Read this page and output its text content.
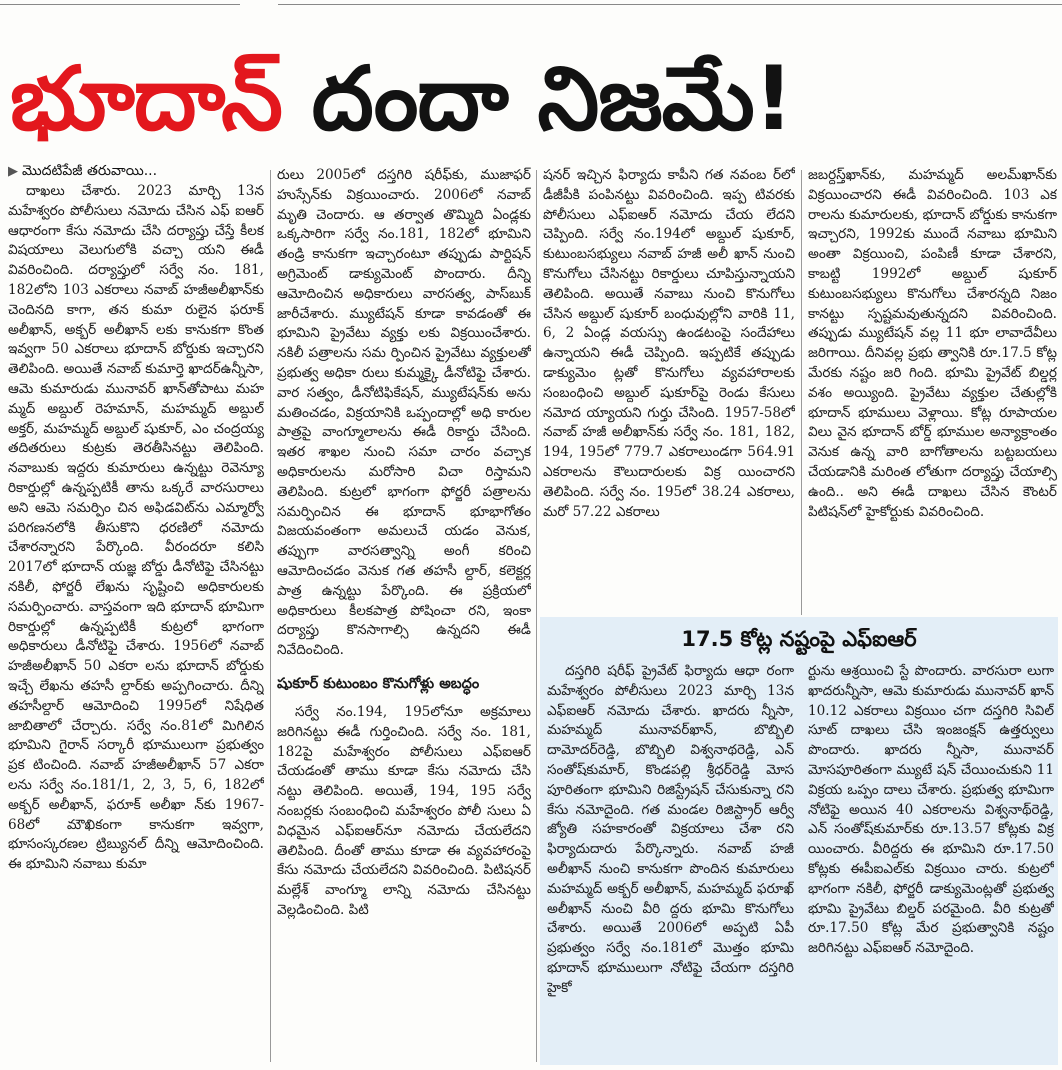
భూదాన్ దందా నిజమే!
▶ మొదటిపేజీ తరువాయి...

దాఖలు చేశారు. 2023 మార్చి 13న మహేశ్వరం పోలీసులు నమోదు చేసిన ఎఫ్ ఐఆర్ ఆధారంగా కేసు నమోదు చేసి దర్యాప్తు చేస్తే కీలక విషయాలు వెలుగులోకి వచ్చా యని ఈడీ వివరించింది. దర్యాప్తులో సర్వే నం. 181, 182లోని 103 ఎకరాలు నవాబ్ హజీఅలీఖాన్‌కు చెందినది కాగా, తన కుమా రులైన ఫరూక్ అలీఖాన్, అక్బర్ అలీఖాన్ లకు కానుకగా కొంత ఇవ్వగా 50 ఎకరాలు భూదాన్ బోర్డుకు ఇచ్చారని తెలిపింది. అయితే నవాబ్ కుమార్తె ఖాదర్‌ఉన్నీసా, ఆమె కుమారుడు మునావర్ ఖాన్‌తోపాటు మహ మ్మద్ అబ్దుల్ రెహమాన్, మహమ్మద్ అబ్దుల్ అక్తర్, మహమ్మద్ అబ్దుల్ షుకూర్, ఎం చంద్రయ్య తదితరులు కుట్రకు తెరతీసినట్టు తెలిపింది. నవాబుకు ఇద్దరు కుమారులు ఉన్నట్టు రెవెన్యూ రికార్డుల్లో ఉన్నప్పటికీ తాను ఒక్కరే వారసురాలు అని ఆమె సమర్పిం చిన అఫిడవిట్‌ను ఎమ్మార్వో పరిగణనలోకి తీసుకొని ధరణిలో నమోదు చేశారన్నారని పేర్కొంది. వీరందరూ కలిసి 2017లో భూదాన్ యజ్ఞ బోర్డు డీనోటిఫై చేసినట్టు నకిలీ, ఫోర్జరీ లేఖను సృష్టించి అధికారులకు సమర్పించారు. వాస్తవంగా ఇది భూదాన్ భూమిగా రికార్డుల్లో ఉన్నప్పటికీ కుట్రలో భాగంగా అధికారులు డీనోటిఫై చేశారు. 1956లో నవాబ్ హజీఅలీఖాన్ 50 ఎకరా లను భూదాన్ బోర్డుకు ఇచ్చే లేఖను తహసీ ల్దార్‌కు అప్పగించారు. దీన్ని తహసీల్దార్ ఆమోదించి 1995లో నిషేధిత జాబితాలో చేర్చారు. సర్వే నం.81లో మిగిలిన భూమిని గైరాన్ సర్కారీ భూములుగా ప్రభుత్వం ప్రక టించింది. నవాబ్ హజీఅలీఖాన్ 57 ఎకరా లను సర్వే నం.181/1, 2, 3, 5, 6, 182లో అక్బర్ అలీఖాన్, ఫరూక్ అలీఖా న్‌కు 1967-68లో మౌఖికంగా కానుకగా ఇవ్వగా, భూసంస్కరణల ట్రిబ్యునల్ దీన్ని ఆమోదించింది. ఈ భూమిని నవాబు కుమా

రులు 2005లో దస్తగిరి షరీఫ్‌కు, ముజాఫర్ హుస్సేన్‌కు విక్రయించారు. 2006లో నవాబ్ మృతి చెందారు. ఆ తర్వాత తొమ్మిది ఏండ్లకు ఒక్కసారిగా సర్వే నం.181, 182లో భూమిని తండ్రి కానుకగా ఇచ్చారంటూ తప్పుడు పార్టిషన్ అగ్రిమెంట్ డాక్యుమెంట్ పొందారు. దీన్ని ఆమోదించిన అధికారులు వారసత్వ, పాస్‌బుక్ జారీచేశారు. మ్యుటేషన్ కూడా కావడంతో ఈ భూమిని ప్రైవేటు వ్యక్తు లకు విక్రయించేశారు. నకిలీ పత్రాలను సమ ర్పించిన ప్రైవేటు వ్యక్తులతో ప్రభుత్వ అధికా రులు కుమ్మక్కై డీనోటిఫై చేశారు. వార సత్వం, డీనోటిఫికేషన్, మ్యుటేషన్‌కు అను మతించడం, విక్రయానికి ఒప్పందాల్లో అధి కారుల పాత్రపై వాంగ్మూలాలను ఈడీ రికార్డు చేసింది. ఇతర శాఖల నుంచి సమా చారం వచ్చాక అధికారులను మరోసారి విచా రిస్తామని తెలిపింది. కుట్రలో భాగంగా ఫోర్జరీ పత్రాలను సమర్పించిన ఈ భూదాన్ భూభాగోతం విజయవంతంగా అమలుచే యడం వెనుక, తప్పుగా వారసత్వాన్ని అంగీ కరించి ఆమోదించడం వెనుక గత తహసీ ల్దార్, కలెక్టర్ల పాత్ర ఉన్నట్టు పేర్కొంది. ఈ ప్రక్రియలో అధికారులు కీలకపాత్ర పోషించా రని, ఇంకా దర్యాప్తు కొనసాగాల్సి ఉన్నదని ఈడీ నివేదించింది.

షుకూర్ కుటుంబం కొనుగోళ్లు అబద్ధం

సర్వే నం.194, 195లోనూ అక్రమాలు జరిగినట్టు ఈడీ గుర్తించింది. సర్వే నం. 181, 182పై మహేశ్వరం పోలీసులు ఎఫ్ఐఆర్ చేయడంతో తాము కూడా కేసు నమోదు చేసి నట్టు తెలిపింది. అయితే, 194, 195 సర్వే నంబర్లకు సంబంధించి మహేశ్వరం పోలీ సులు ఏ విధమైన ఎఫ్ఐఆర్‌నూ నమోదు చేయలేదని తెలిపింది. దీంతో తాము కూడా ఈ వ్యవహారంపై కేసు నమోదు చేయలేదని వివరించింది. పిటిషనర్ మల్లేశ్ వాంగ్మూ లాన్ని నమోదు చేసినట్టు వెల్లడించింది. పిటి

షనర్ ఇచ్చిన ఫిర్యాదు కాపీని గత నవంబ ర్‌లో డీజీపీకి పంపినట్టు వివరించింది. ఇప్ప టివరకు పోలీసులు ఎఫ్ఐఆర్ నమోదు చేయ లేదని చెప్పింది. సర్వే నం.194లో అబ్దుల్ షుకూర్, కుటుంబసభ్యులు నవాబ్ హజీ అలీ ఖాన్ నుంచి కొనుగోలు చేసినట్టు రికార్డులు చూపిస్తున్నాయని తెలిపింది. అయితే నవాబు నుంచి కొనుగోలు చేసిన అబ్దుల్ షుకూర్ బంధువుల్లోని వారికి 11, 6, 2 ఏండ్ల వయస్సు ఉండటంపై సందేహాలు ఉన్నాయని ఈడీ చెప్పింది. ఇప్పటికే తప్పుడు డాక్యుమెం ట్లతో కొనుగోలు వ్యవహారాలకు సంబంధించి అబ్దుల్ షుకూర్‌పై రెండు కేసులు నమోద య్యాయని గుర్తు చేసింది. 1957-58లో నవాబ్ హజీ అలీఖాన్‌కు సర్వే నం. 181, 182, 194, 195లో 779.7 ఎకరాలుండగా 564.91 ఎకరాలను కౌలుదారులకు విక్ర యించారని తెలిపింది. సర్వే నం. 195లో 38.24 ఎకరాలు, మరో 57.22 ఎకరాలు

జబర్దస్త్‌ఖాన్‌కు, మహమ్మద్ అలమ్‌ఖాన్‌కు విక్రయించారని ఈడీ వివరించింది. 103 ఎక రాలను కుమారులకు, భూదాన్ బోర్డుకు కానుకగా ఇచ్చారని, 1992కు ముందే నవాబు భూమిని అంతా విక్రయించి, పంపిణీ కూడా చేశారని, కాబట్టి 1992లో అబ్దుల్ షుకూర్ కుటుంబసభ్యులు కొనుగోలు చేశారన్నది నిజం కానట్టు స్పష్టమవుతున్నదని వివరించింది. తప్పుడు మ్యుటేషన్ వల్ల 11 భూ లావాదేవీలు జరిగాయి. దీనివల్ల ప్రభు త్వానికి రూ.17.5 కోట్ల మేరకు నష్టం జరి గింది. భూమి ప్రైవేట్ బిల్డర్ల వశం అయ్యింది. ప్రైవేటు వ్యక్తుల చేతుల్లోకి భూదాన్ భూములు వెళ్లాయి. కోట్ల రూపాయల విలు వైన భూదాన్ బోర్డ్ భూముల అన్యాక్రాంతం వెనుక ఉన్న వారి బాగోతాలను బట్టబయలు చేయడానికి మరింత లోతుగా దర్యాప్తు చేయాల్సి ఉంది.. అని ఈడీ దాఖలు చేసిన కౌంటర్ పిటిషన్‌లో హైకోర్టుకు వివరించింది.

17.5 కోట్ల నష్టంపై ఎఫ్ఐఆర్

దస్తగిరి షరీఫ్ ప్రైవేట్ ఫిర్యాదు ఆధా రంగా మహేశ్వరం పోలీసులు 2023 మార్చి 13న ఎఫ్ఐఆర్ నమోదు చేశారు. ఖాదరు న్నీసా, మహమ్మద్ మునావర్‌ఖాన్, బొబ్బిలి దామోదర్‌రెడ్డి, బొబ్బిలి విశ్వనాథరెడ్డి, ఎన్ సంతోష్‌కుమార్, కొండపల్లి శ్రీధర్‌రెడ్డి మోస పూరితంగా భూమిని రిజిస్ట్రేషన్ చేసుకున్నా రని కేసు నమోదైంది. గత మండల రిజిస్ట్రార్ ఆర్వీ జ్యోతి సహకారంతో విక్రయాలు చేశా రని ఫిర్యాదుదారు పేర్కొన్నారు. నవాబ్ హజీ అలీఖాన్ నుంచి కానుకగా పొందిన కుమారులు మహమ్మద్ అక్బర్ అలీఖాన్, మహమ్మద్ ఫరూఖ్ అలీఖాన్ నుంచి వీరి ద్దరు భూమి కొనుగోలు చేశారు. అయితే 2006లో అప్పటి ఏపీ ప్రభుత్వం సర్వే నం.181లో మొత్తం భూమి భూదాన్ భూములుగా నోటిఫై చేయగా దస్తగిరి హైకో

ర్టును ఆశ్రయించి స్టే పొందారు. వారసురా లుగా ఖాదరున్నీసా, ఆమె కుమారుడు మునావర్ ఖాన్ 10.12 ఎకరాలు విక్రయిం చగా దస్తగిరి సివిల్ సూట్ దాఖలు చేసి ఇంజంక్షన్ ఉత్తర్వులు పొందారు. ఖాదరు న్నీసా, మునావర్ మోసపూరితంగా మ్యుటే షన్ చేయించుకుని 11 విక్రయ ఒప్పం దాలు చేశారు. ప్రభుత్వ భూమిగా నోటిఫై అయిన 40 ఎకరాలను విశ్వనాథ్‌రెడ్డి, ఎన్ సంతోష్‌కుమార్‌కు రూ.13.57 కోట్లకు విక్ర యించారు. వీరిద్దరు ఈ భూమిని రూ.17.50 కోట్లకు ఈపీఐఎల్‌కు విక్రయిం చారు. కుట్రలో భాగంగా నకిలీ, ఫోర్జరీ డాక్యుమెంట్లతో ప్రభుత్వ భూమి ప్రైవేటు బిల్డర్ పరమైంది. వీరి కుట్రతో రూ.17.50 కోట్ల మేర ప్రభుత్వానికి నష్టం జరిగినట్టు ఎఫ్ఐఆర్ నమోదైంది.
